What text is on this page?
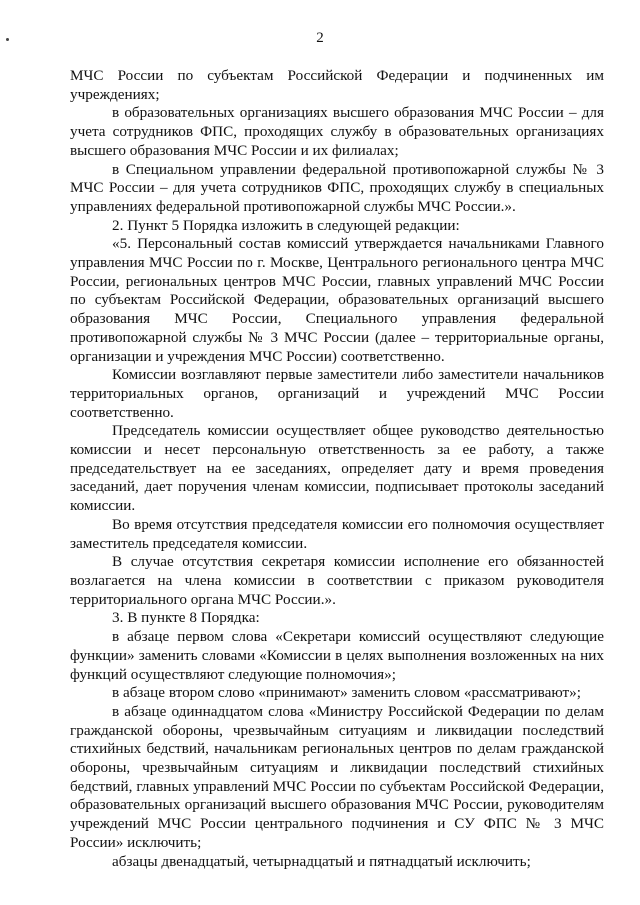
2

МЧС России по субъектам Российской Федерации и подчиненных им учреждениях;

в образовательных организациях высшего образования МЧС России – для учета сотрудников ФПС, проходящих службу в образовательных организациях высшего образования МЧС России и их филиалах;

в Специальном управлении федеральной противопожарной службы № 3 МЧС России – для учета сотрудников ФПС, проходящих службу в специальных управлениях федеральной противопожарной службы МЧС России.».

2. Пункт 5 Порядка изложить в следующей редакции:

«5. Персональный состав комиссий утверждается начальниками Главного управления МЧС России по г. Москве, Центрального регионального центра МЧС России, региональных центров МЧС России, главных управлений МЧС России по субъектам Российской Федерации, образовательных организаций высшего образования МЧС России, Специального управления федеральной противопожарной службы № 3 МЧС России (далее – территориальные органы, организации и учреждения МЧС России) соответственно.

Комиссии возглавляют первые заместители либо заместители начальников территориальных органов, организаций и учреждений МЧС России соответственно.

Председатель комиссии осуществляет общее руководство деятельностью комиссии и несет персональную ответственность за ее работу, а также председательствует на ее заседаниях, определяет дату и время проведения заседаний, дает поручения членам комиссии, подписывает протоколы заседаний комиссии.

Во время отсутствия председателя комиссии его полномочия осуществляет заместитель председателя комиссии.

В случае отсутствия секретаря комиссии исполнение его обязанностей возлагается на члена комиссии в соответствии с приказом руководителя территориального органа МЧС России.».

3. В пункте 8 Порядка:

в абзаце первом слова «Секретари комиссий осуществляют следующие функции» заменить словами «Комиссии в целях выполнения возложенных на них функций осуществляют следующие полномочия»;

в абзаце втором слово «принимают» заменить словом «рассматривают»;

в абзаце одиннадцатом слова «Министру Российской Федерации по делам гражданской обороны, чрезвычайным ситуациям и ликвидации последствий стихийных бедствий, начальникам региональных центров по делам гражданской обороны, чрезвычайным ситуациям и ликвидации последствий стихийных бедствий, главных управлений МЧС России по субъектам Российской Федерации, образовательных организаций высшего образования МЧС России, руководителям учреждений МЧС России центрального подчинения и СУ ФПС № 3 МЧС России» исключить;

абзацы двенадцатый, четырнадцатый и пятнадцатый исключить;
